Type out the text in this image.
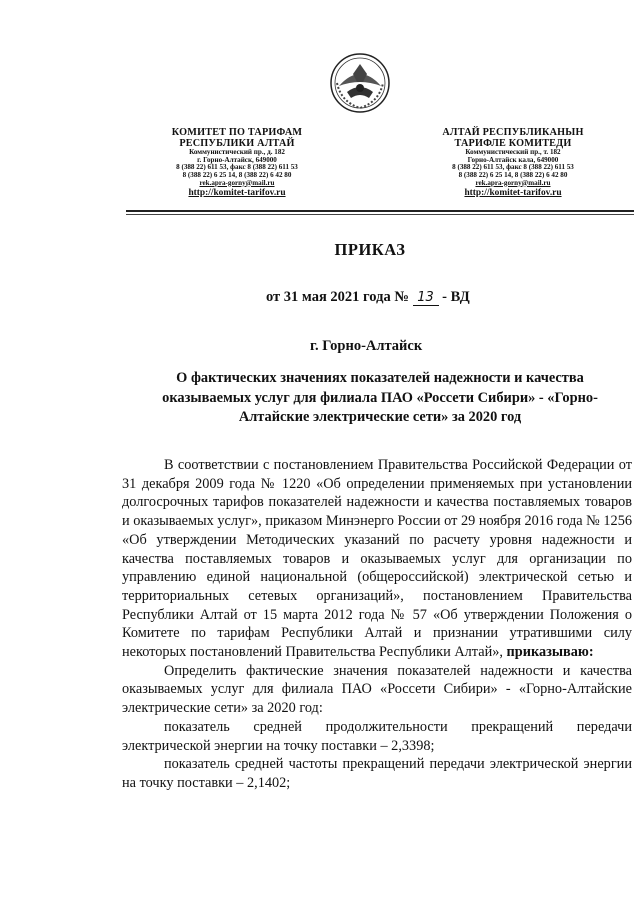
КОМИТЕТ ПО ТАРИФАМ
РЕСПУБЛИКИ АЛТАЙ
Коммунистический пр., д. 182
г. Горно-Алтайск, 649000
8 (388 22) 611 53, факс 8 (388 22) 611 53
8 (388 22) 6 25 14, 8 (388 22) 6 42 80
rek.apra-gorny@mail.ru
http://komitet-tarifov.ru
АЛТАЙ РЕСПУБЛИКАНЫН
ТАРИФЛЕ КОМИТЕДИ
Коммунистический пр., т. 182
Горно-Алтайск кала, 649000
8 (388 22) 611 53, факс 8 (388 22) 611 53
8 (388 22) 6 25 14, 8 (388 22) 6 42 80
rek.apra-gorny@mail.ru
http://komitet-tarifov.ru
ПРИКАЗ
от 31 мая 2021 года № 13 - ВД
г. Горно-Алтайск
О фактических значениях показателей надежности и качества оказываемых услуг для филиала ПАО «Россети Сибири» - «Горно-Алтайские электрические сети» за 2020 год

В соответствии с постановлением Правительства Российской Федерации от 31 декабря 2009 года № 1220 «Об определении применяемых при установлении долгосрочных тарифов показателей надежности и качества поставляемых товаров и оказываемых услуг», приказом Минэнерго России от 29 ноября 2016 года № 1256 «Об утверждении Методических указаний по расчету уровня надежности и качества поставляемых товаров и оказываемых услуг для организации по управлению единой национальной (общероссийской) электрической сетью и территориальных сетевых организаций», постановлением Правительства Республики Алтай от 15 марта 2012 года № 57 «Об утверждении Положения о Комитете по тарифам Республики Алтай и признании утратившими силу некоторых постановлений Правительства Республики Алтай», приказываю:

Определить фактические значения показателей надежности и качества оказываемых услуг для филиала ПАО «Россети Сибири» - «Горно-Алтайские электрические сети» за 2020 год:

показатель средней продолжительности прекращений передачи электрической энергии на точку поставки – 2,3398;

показатель средней частоты прекращений передачи электрической энергии на точку поставки – 2,1402;
